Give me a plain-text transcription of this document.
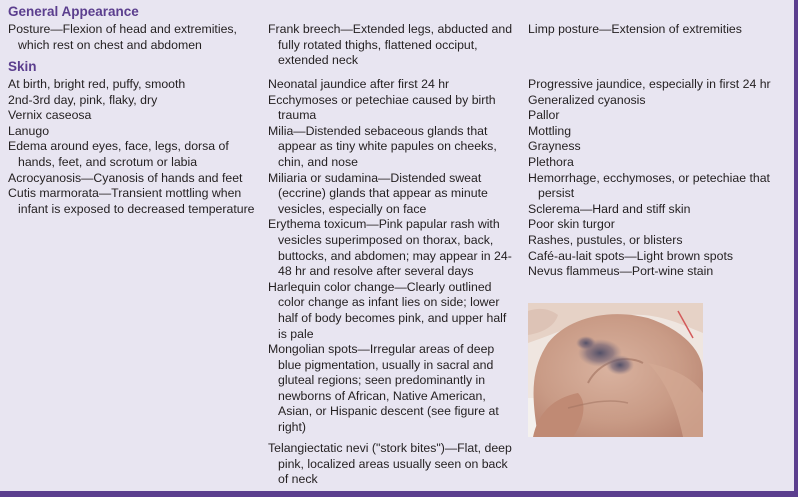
General Appearance

Posture—Flexion of head and extremities, which rest on chest and abdomen

Frank breech—Extended legs, abducted and fully rotated thighs, flattened occiput, extended neck

Limp posture—Extension of extremities

Skin

At birth, bright red, puffy, smooth

2nd-3rd day, pink, flaky, dry

Vernix caseosa

Lanugo

Edema around eyes, face, legs, dorsa of hands, feet, and scrotum or labia

Acrocyanosis—Cyanosis of hands and feet

Cutis marmorata—Transient mottling when infant is exposed to decreased temperature

Neonatal jaundice after first 24 hr

Ecchymoses or petechiae caused by birth trauma

Milia—Distended sebaceous glands that appear as tiny white papules on cheeks, chin, and nose

Miliaria or sudamina—Distended sweat (eccrine) glands that appear as minute vesicles, especially on face

Erythema toxicum—Pink papular rash with vesicles superimposed on thorax, back, buttocks, and abdomen; may appear in 24-48 hr and resolve after several days

Harlequin color change—Clearly outlined color change as infant lies on side; lower half of body becomes pink, and upper half is pale

Mongolian spots—Irregular areas of deep blue pigmentation, usually in sacral and gluteal regions; seen predominantly in newborns of African, Native American, Asian, or Hispanic descent (see figure at right)

Progressive jaundice, especially in first 24 hr

Generalized cyanosis

Pallor

Mottling

Grayness

Plethora

Hemorrhage, ecchymoses, or petechiae that persist

Sclerema—Hard and stiff skin

Poor skin turgor

Rashes, pustules, or blisters

Café-au-lait spots—Light brown spots

Nevus flammeus—Port-wine stain

Telangiectatic nevi ("stork bites")—Flat, deep pink, localized areas usually seen on back of neck
